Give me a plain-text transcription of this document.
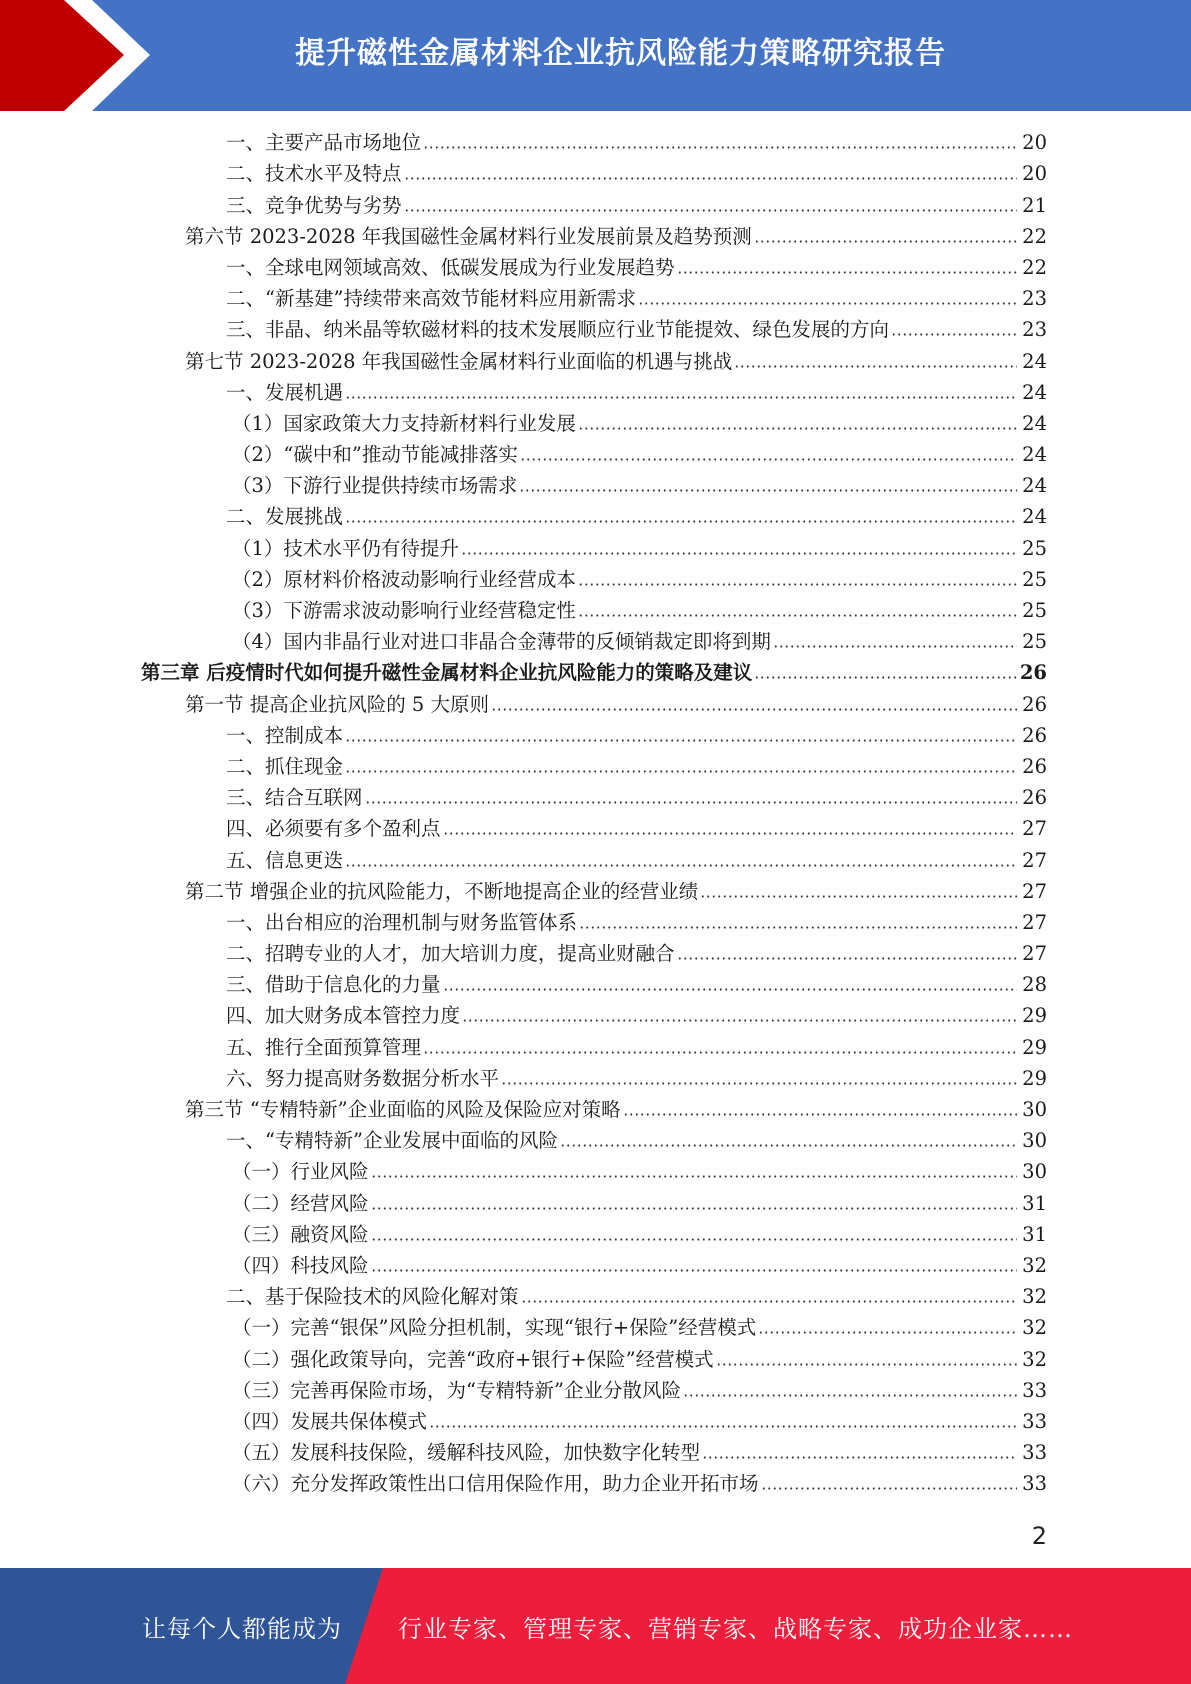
提升磁性金属材料企业抗风险能力策略研究报告
一、主要产品市场地位	20
二、技术水平及特点	20
三、竞争优势与劣势	21
第六节 2023-2028 年我国磁性金属材料行业发展前景及趋势预测	22
一、全球电网领域高效、低碳发展成为行业发展趋势	22
二、“新基建”持续带来高效节能材料应用新需求	23
三、非晶、纳米晶等软磁材料的技术发展顺应行业节能提效、绿色发展的方向	23
第七节 2023-2028 年我国磁性金属材料行业面临的机遇与挑战	24
一、发展机遇	24
（1）国家政策大力支持新材料行业发展	24
（2）“碳中和”推动节能减排落实	24
（3）下游行业提供持续市场需求	24
二、发展挑战	24
（1）技术水平仍有待提升	25
（2）原材料价格波动影响行业经营成本	25
（3）下游需求波动影响行业经营稳定性	25
（4）国内非晶行业对进口非晶合金薄带的反倾销裁定即将到期	25
第三章 后疫情时代如何提升磁性金属材料企业抗风险能力的策略及建议	26
第一节 提高企业抗风险的 5 大原则	26
一、控制成本	26
二、抓住现金	26
三、结合互联网	26
四、必须要有多个盈利点	27
五、信息更迭	27
第二节 增强企业的抗风险能力，不断地提高企业的经营业绩	27
一、出台相应的治理机制与财务监管体系	27
二、招聘专业的人才，加大培训力度，提高业财融合	27
三、借助于信息化的力量	28
四、加大财务成本管控力度	29
五、推行全面预算管理	29
六、努力提高财务数据分析水平	29
第三节 “专精特新”企业面临的风险及保险应对策略	30
一、“专精特新”企业发展中面临的风险	30
（一）行业风险	30
（二）经营风险	31
（三）融资风险	31
（四）科技风险	32
二、基于保险技术的风险化解对策	32
（一）完善“银保”风险分担机制，实现“银行+保险”经营模式	32
（二）强化政策导向，完善“政府+银行+保险”经营模式	32
（三）完善再保险市场，为“专精特新”企业分散风险	33
（四）发展共保体模式	33
（五）发展科技保险，缓解科技风险，加快数字化转型	33
（六）充分发挥政策性出口信用保险作用，助力企业开拓市场	33
2
让每个人都能成为 行业专家、管理专家、营销专家、战略专家、成功企业家……
